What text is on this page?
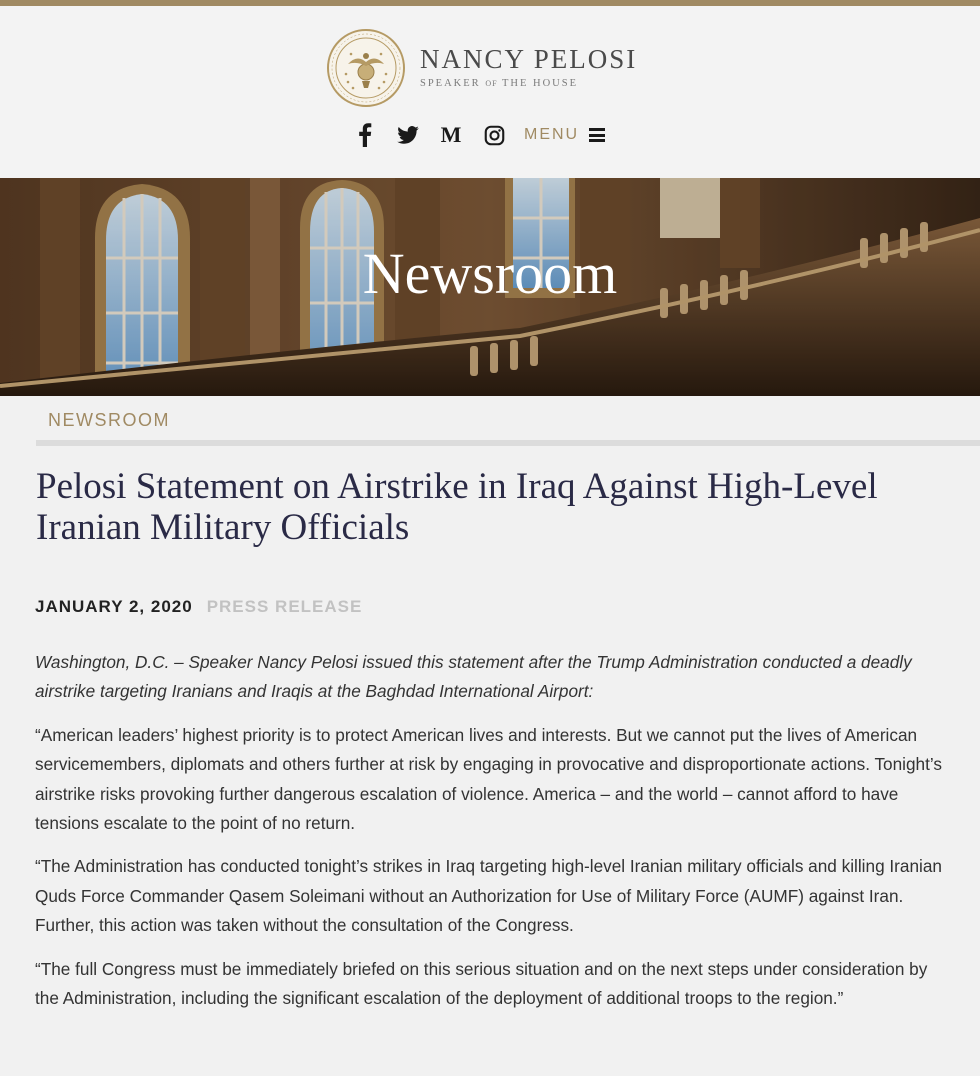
NANCY PELOSI
SPEAKER OF THE HOUSE
M	MENU
Newsroom
NEWSROOM
Pelosi Statement on Airstrike in Iraq Against High-Level Iranian Military Officials
JANUARY 2, 2020 PRESS RELEASE

Washington, D.C. – Speaker Nancy Pelosi issued this statement after the Trump Administration conducted a deadly airstrike targeting Iranians and Iraqis at the Baghdad International Airport:

“American leaders’ highest priority is to protect American lives and interests. But we cannot put the lives of American servicemembers, diplomats and others further at risk by engaging in provocative and disproportionate actions. Tonight’s airstrike risks provoking further dangerous escalation of violence. America – and the world – cannot afford to have tensions escalate to the point of no return.

“The Administration has conducted tonight’s strikes in Iraq targeting high-level Iranian military officials and killing Iranian Quds Force Commander Qasem Soleimani without an Authorization for Use of Military Force (AUMF) against Iran. Further, this action was taken without the consultation of the Congress.

“The full Congress must be immediately briefed on this serious situation and on the next steps under consideration by the Administration, including the significant escalation of the deployment of additional troops to the region.”
